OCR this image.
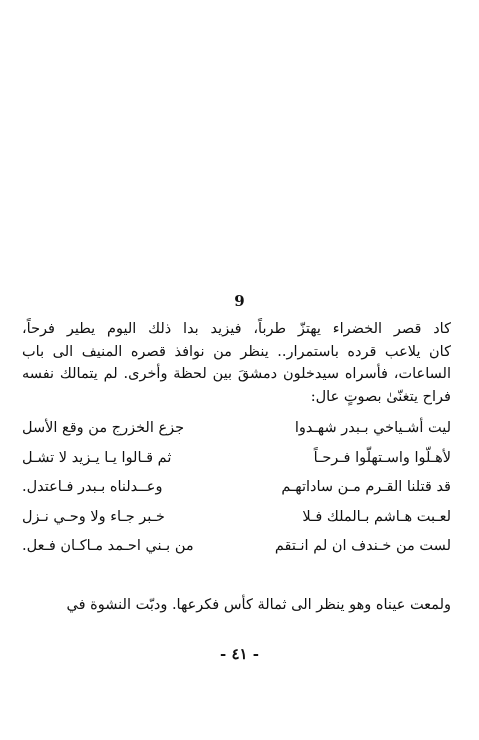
9
كاد قصر الخضراء يهتزّ طرباً، فيزيد بدا ذلك اليوم يطير فرحاً،
كان يلاعب قرده باستمرار.. ينظر من نوافذ قصره المنيف الى باب
الساعات، فأسراه سيدخلون دمشقَ بين لحظة وأخرى. لم يتمالك نفسه
فراح يتغنّىٰ بصوتٍ عال:
ليت أشـياخي بـبدر شهـدوا
جزع الخزرج من وقع الأسل
لأهـلّوا واسـتهلّوا فـرحـاً
ثم قـالوا يـا يـزيد لا تشـل
قد قتلنا القـرم مـن ساداتهـم
وعــدلناه بـبدر فـاعتدل.
لعـبت هـاشم بـالملك فـلا
خـبر جـاء ولا وحـي نـزل
لست من خـندف ان لم انـتقم
من بـني احـمد مـاكـان فـعل.
ولمعت عيناه وهو ينظر الى ثمالة كأس فكرعها. ودبّت النشوة في
- ٤١ -
